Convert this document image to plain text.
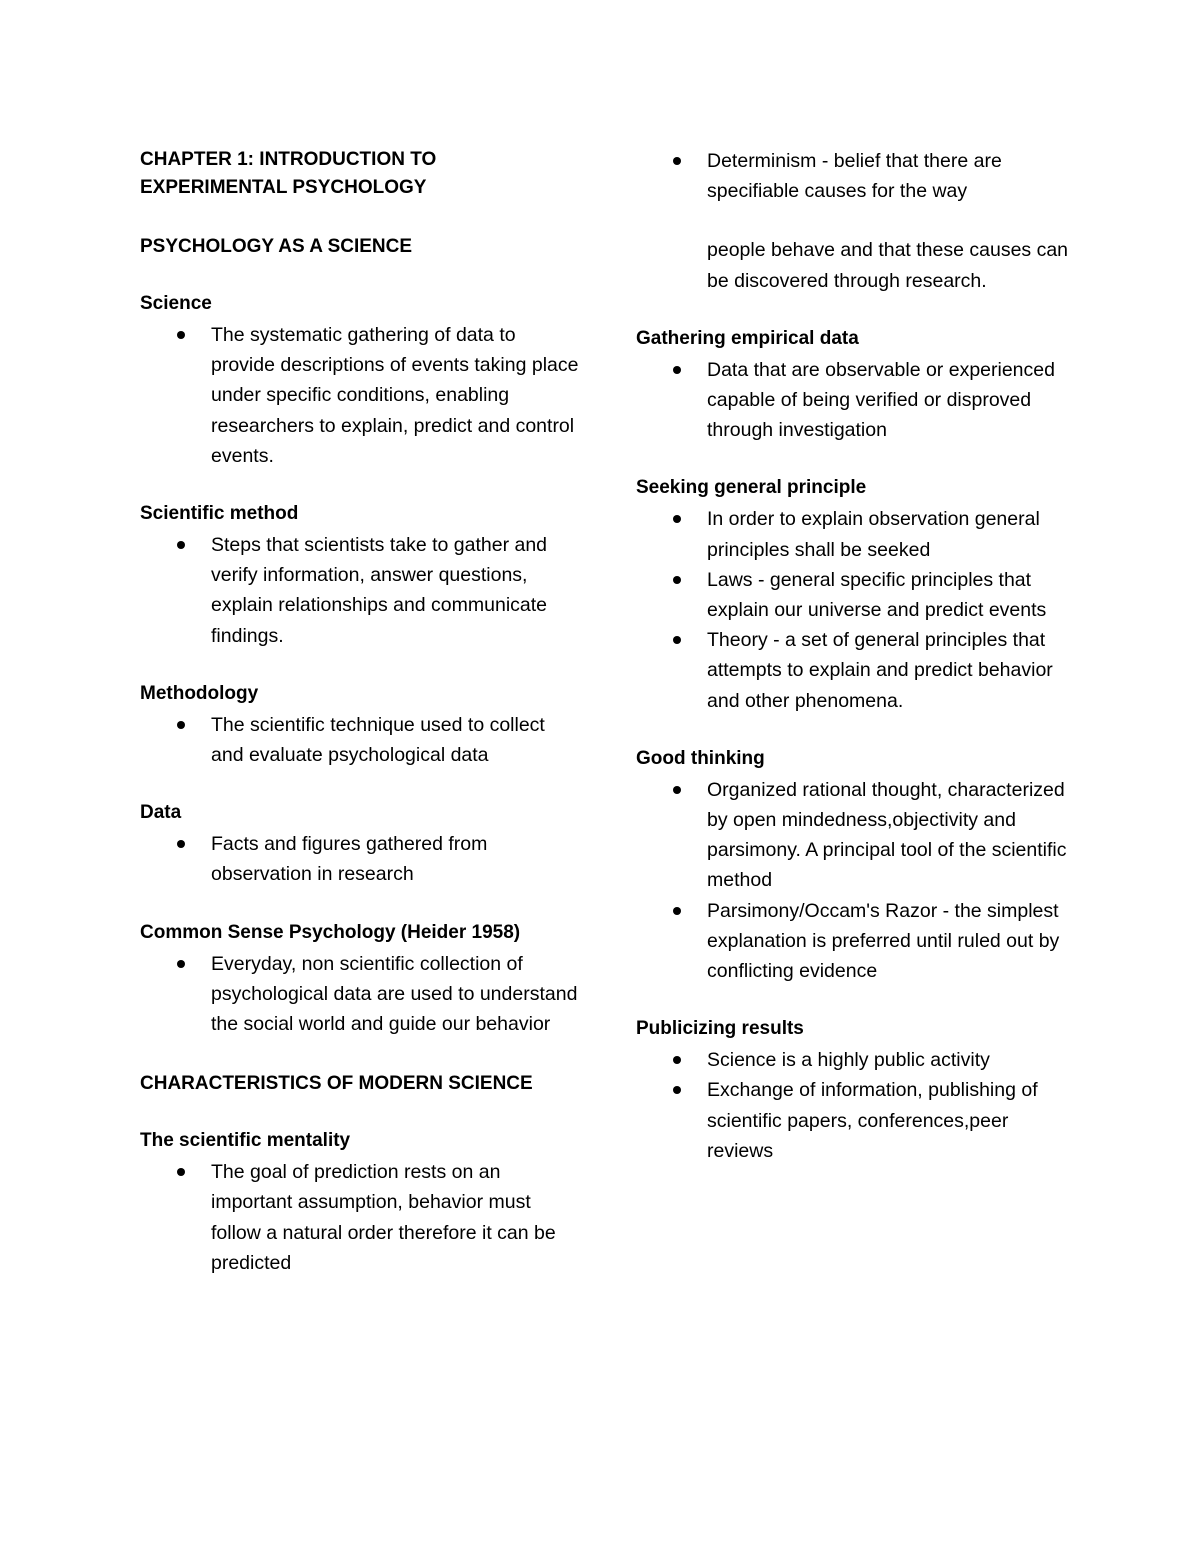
CHAPTER 1: INTRODUCTION TO EXPERIMENTAL PSYCHOLOGY

PSYCHOLOGY AS A SCIENCE

Science

The systematic gathering of data to provide descriptions of events taking place under specific conditions, enabling researchers to explain, predict and control events.

Scientific method

Steps that scientists take to gather and verify information, answer questions, explain relationships and communicate findings.

Methodology

The scientific technique used to collect and evaluate psychological data

Data

Facts and figures gathered from observation in research

Common Sense Psychology (Heider 1958)

Everyday, non scientific collection of psychological data are used to understand the social world and guide our behavior

CHARACTERISTICS OF MODERN SCIENCE

The scientific mentality

The goal of prediction rests on an important assumption, behavior must follow a natural order therefore it can be predicted
Determinism - belief that there are specifiable causes for the way
people behave and that these causes can be discovered through research.

Gathering empirical data

Data that are observable or experienced capable of being verified or disproved through investigation

Seeking general principle

In order to explain observation general principles shall be seeked
Laws - general specific principles that explain our universe and predict events
Theory - a set of general principles that attempts to explain and predict behavior and other phenomena.

Good thinking

Organized rational thought, characterized by open mindedness,objectivity and parsimony. A principal tool of the scientific method
Parsimony/Occam's Razor - the simplest explanation is preferred until ruled out by conflicting evidence

Publicizing results

Science is a highly public activity
Exchange of information, publishing of scientific papers, conferences,peer reviews
